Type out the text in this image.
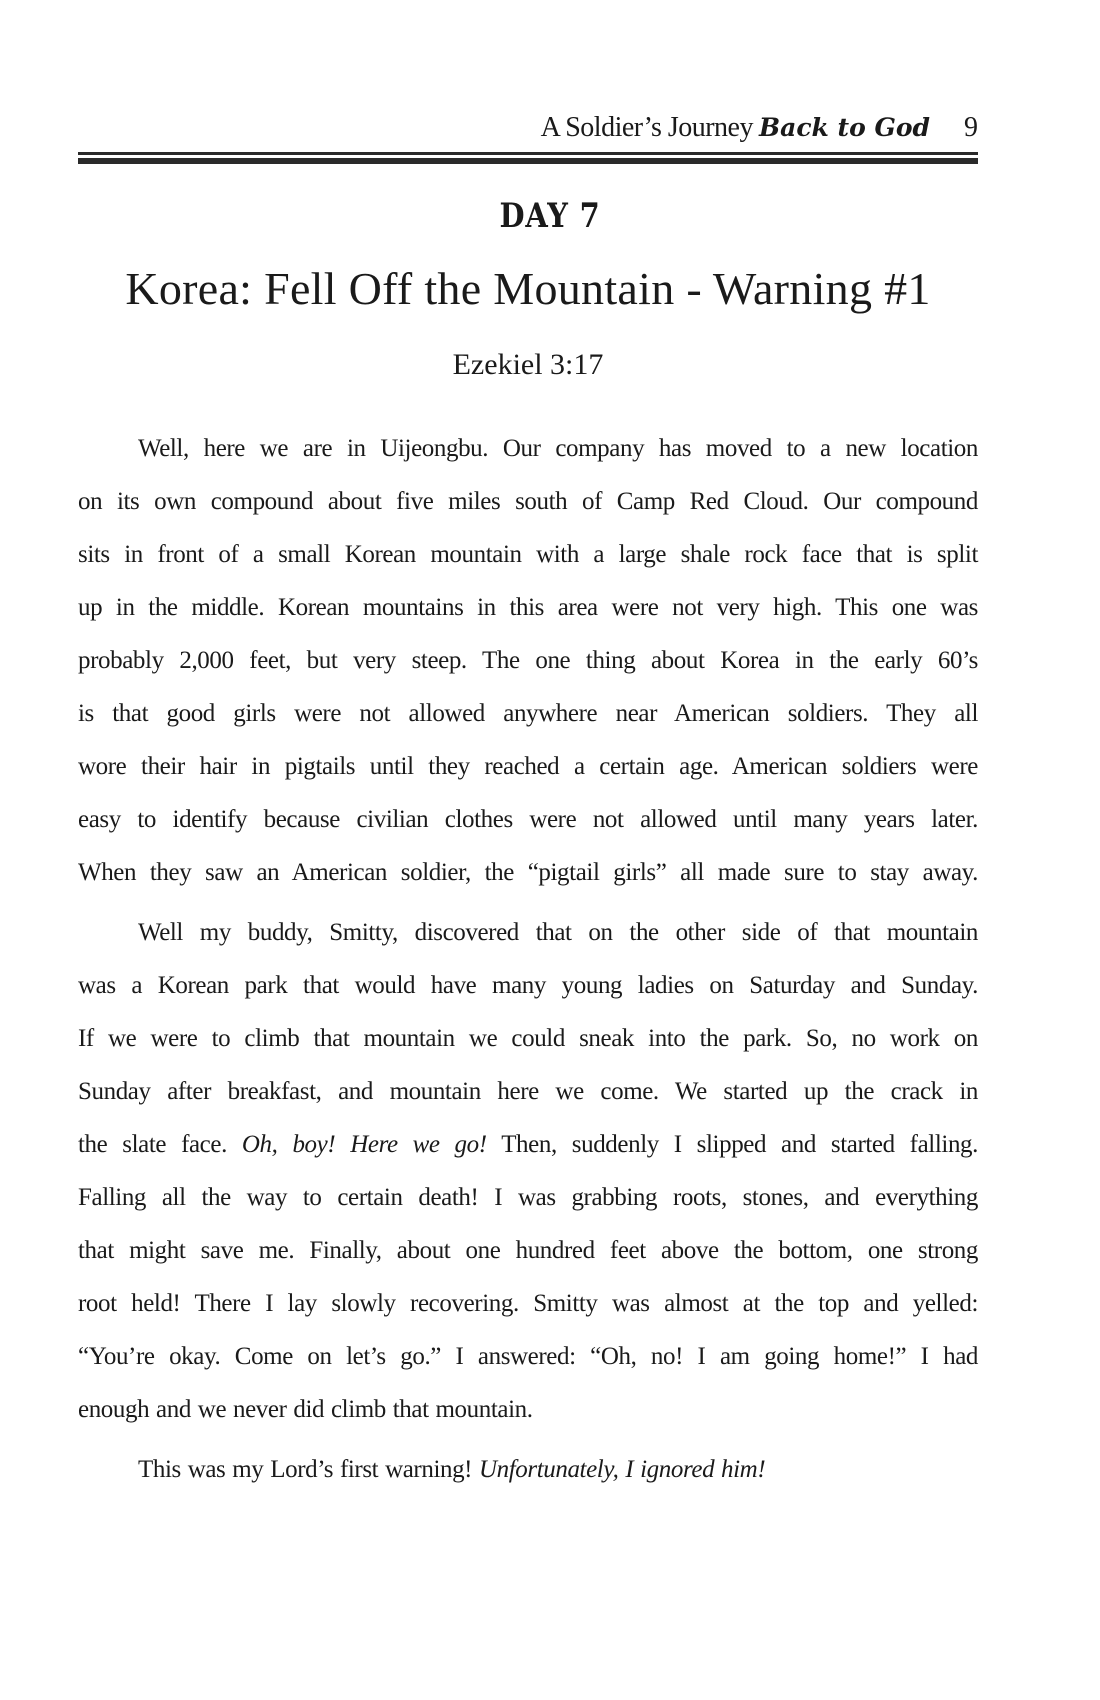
A Soldier’s Journey Back to God 9
DAY 7
Korea: Fell Off the Mountain - Warning #1
Ezekiel 3:17
Well, here we are in Uijeongbu. Our company has moved to a new location
on its own compound about five miles south of Camp Red Cloud. Our compound
sits in front of a small Korean mountain with a large shale rock face that is split
up in the middle. Korean mountains in this area were not very high. This one was
probably 2,000 feet, but very steep. The one thing about Korea in the early 60’s
is that good girls were not allowed anywhere near American soldiers. They all
wore their hair in pigtails until they reached a certain age. American soldiers were
easy to identify because civilian clothes were not allowed until many years later.
When they saw an American soldier, the “pigtail girls” all made sure to stay away.
Well my buddy, Smitty, discovered that on the other side of that mountain
was a Korean park that would have many young ladies on Saturday and Sunday.
If we were to climb that mountain we could sneak into the park. So, no work on
Sunday after breakfast, and mountain here we come. We started up the crack in
the slate face. Oh, boy! Here we go! Then, suddenly I slipped and started falling.
Falling all the way to certain death! I was grabbing roots, stones, and everything
that might save me. Finally, about one hundred feet above the bottom, one strong
root held! There I lay slowly recovering. Smitty was almost at the top and yelled:
“You’re okay. Come on let’s go.” I answered: “Oh, no! I am going home!” I had
enough and we never did climb that mountain.
This was my Lord’s first warning! Unfortunately, I ignored him!
